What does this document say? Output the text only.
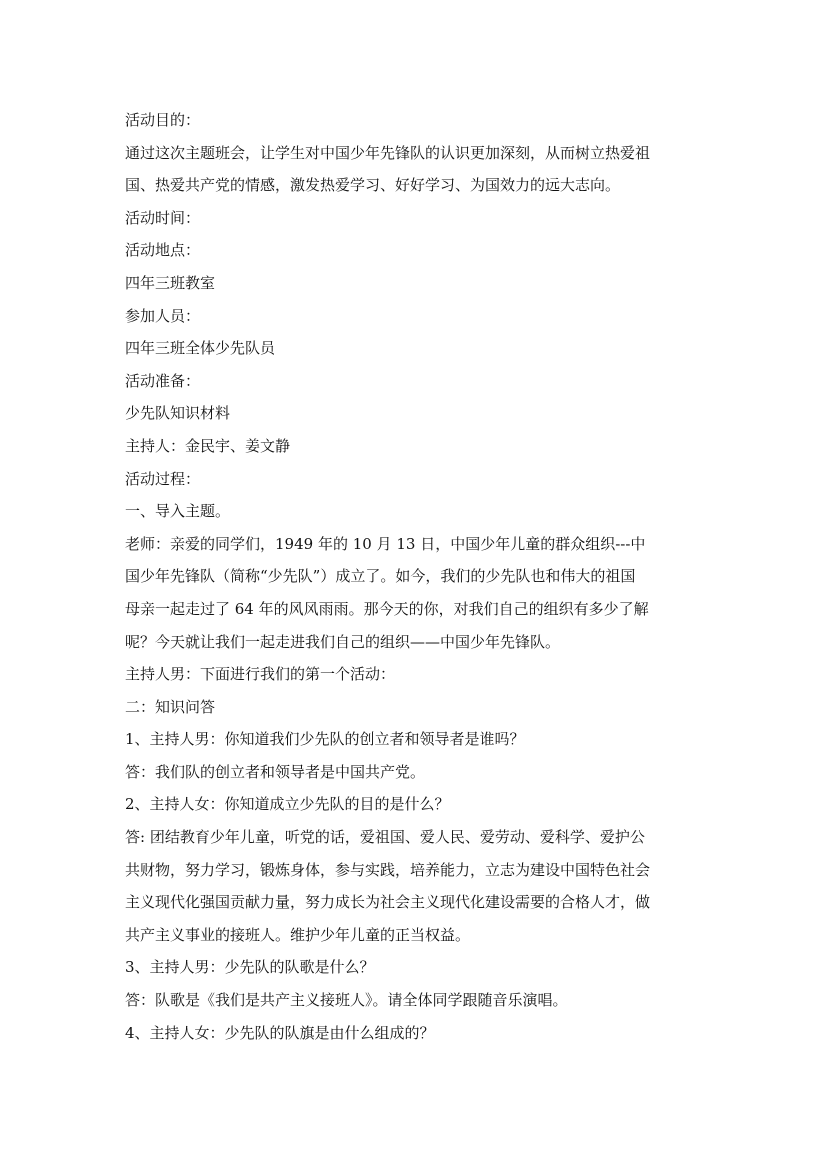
活动目的：
通过这次主题班会，让学生对中国少年先锋队的认识更加深刻，从而树立热爱祖
国、热爱共产党的情感，激发热爱学习、好好学习、为国效力的远大志向。
活动时间：
活动地点：
四年三班教室
参加人员：
四年三班全体少先队员
活动准备：
少先队知识材料
主持人：金民宇、姜文静
活动过程：
一、导入主题。
老师：亲爱的同学们，1949 年的 10 月 13 日，中国少年儿童的群众组织---中
国少年先锋队（简称“少先队”）成立了。如今，我们的少先队也和伟大的祖国
母亲一起走过了 64 年的风风雨雨。那今天的你，对我们自己的组织有多少了解
呢？今天就让我们一起走进我们自己的组织——中国少年先锋队。
主持人男：下面进行我们的第一个活动：
二：知识问答
1、主持人男：你知道我们少先队的创立者和领导者是谁吗？
答：我们队的创立者和领导者是中国共产党。
2、主持人女：你知道成立少先队的目的是什么？
答: 团结教育少年儿童，听党的话，爱祖国、爱人民、爱劳动、爱科学、爱护公
共财物，努力学习，锻炼身体，参与实践，培养能力，立志为建设中国特色社会
主义现代化强国贡献力量，努力成长为社会主义现代化建设需要的合格人才，做
共产主义事业的接班人。维护少年儿童的正当权益。
3、主持人男：少先队的队歌是什么？
答：队歌是《我们是共产主义接班人》。请全体同学跟随音乐演唱。
4、主持人女：少先队的队旗是由什么组成的？
